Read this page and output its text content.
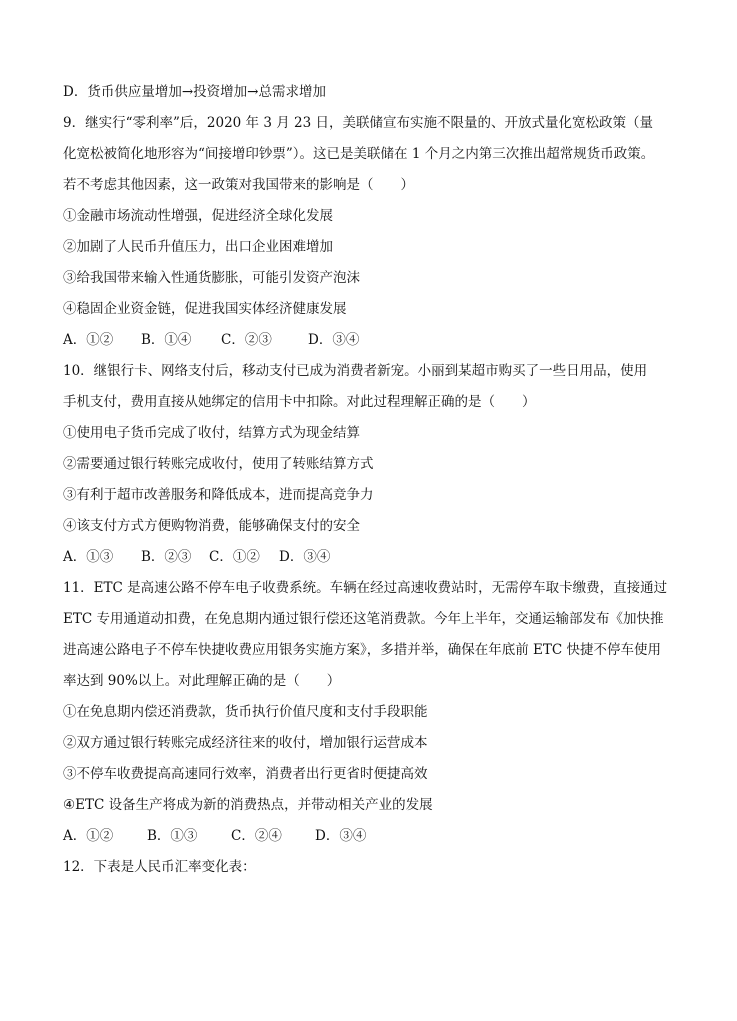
D．货币供应量增加→投资增加→总需求增加
9．继实行“零利率”后，2020 年 3 月 23 日，美联储宣布实施不限量的、开放式量化宽松政策（量
化宽松被简化地形容为“间接增印钞票”）。这已是美联储在 1 个月之内第三次推出超常规货币政策。
若不考虑其他因素，这一政策对我国带来的影响是（　　）
①金融市场流动性增强，促进经济全球化发展
②加剧了人民币升值压力，出口企业困难增加
③给我国带来输入性通货膨胀，可能引发资产泡沫
④稳固企业资金链，促进我国实体经济健康发展
A．①②	B．①④	C．②③	D．③④
10．继银行卡、网络支付后，移动支付已成为消费者新宠。小丽到某超市购买了一些日用品，使用
手机支付，费用直接从她绑定的信用卡中扣除。对此过程理解正确的是（　　）
①使用电子货币完成了收付，结算方式为现金结算
②需要通过银行转账完成收付，使用了转账结算方式
③有利于超市改善服务和降低成本，进而提高竞争力
④该支付方式方便购物消费，能够确保支付的安全
A．①③	B．②③	C．①②	D．③④
11．ETC 是高速公路不停车电子收费系统。车辆在经过高速收费站时，无需停车取卡缴费，直接通过
ETC 专用通道动扣费，在免息期内通过银行偿还这笔消费款。今年上半年，交通运输部发布《加快推
进高速公路电子不停车快捷收费应用银务实施方案》，多措并举，确保在年底前 ETC 快捷不停车使用
率达到 90%以上。对此理解正确的是（　　）
①在免息期内偿还消费款，货币执行价值尺度和支付手段职能
②双方通过银行转账完成经济往来的收付，增加银行运营成本
③不停车收费提高高速同行效率，消费者出行更省时便捷高效
④ETC 设备生产将成为新的消费热点，并带动相关产业的发展
A．①②	B．①③	C．②④	D．③④
12．下表是人民币汇率变化表：
